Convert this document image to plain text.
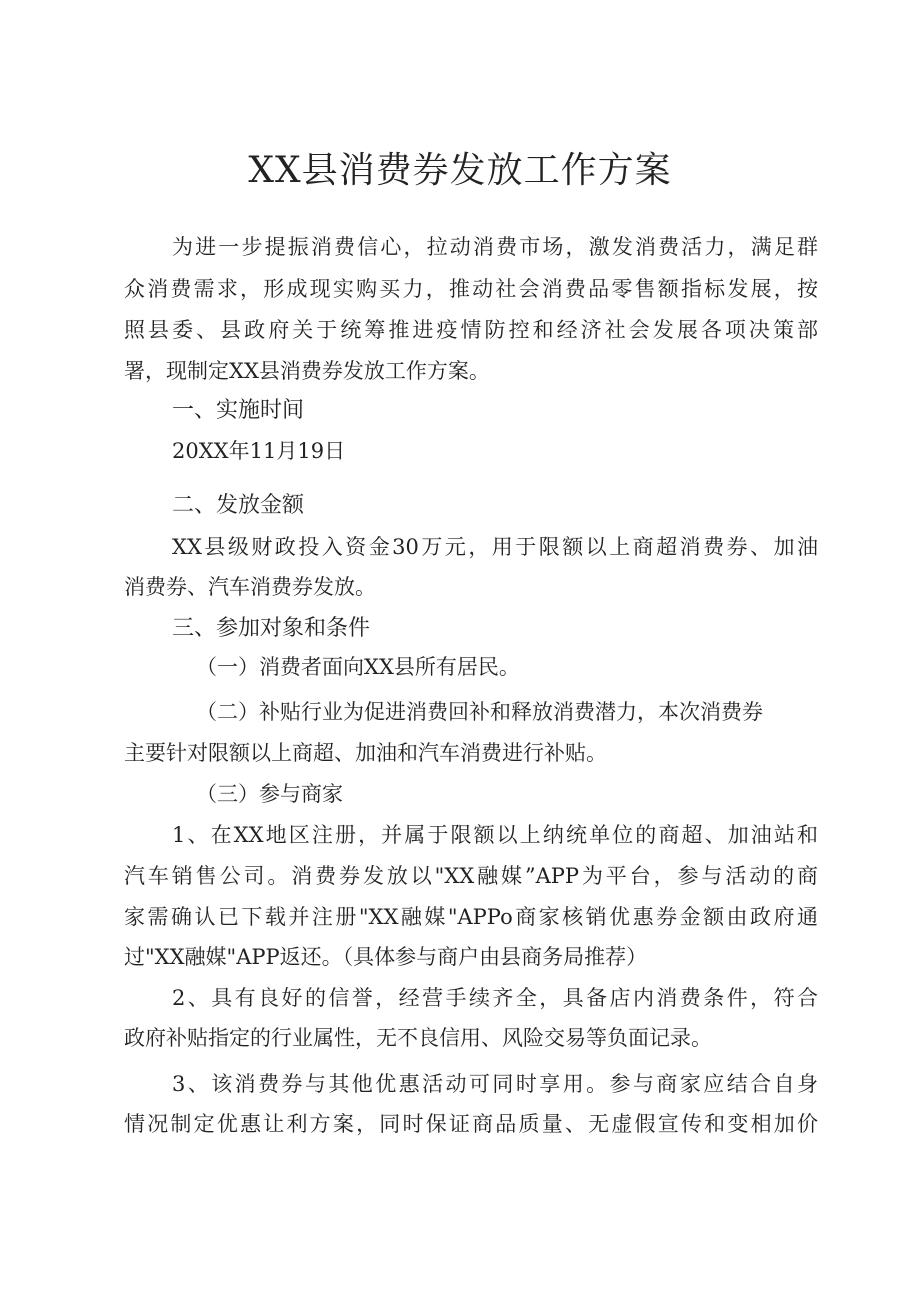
XX县消费券发放工作方案
为进一步提振消费信心，拉动消费市场，激发消费活力，满足群
众消费需求，形成现实购买力，推动社会消费品零售额指标发展，按
照县委、县政府关于统筹推进疫情防控和经济社会发展各项决策部
署，现制定XX县消费券发放工作方案。
一、实施时间
20XX年11月19日
二、发放金额
XX县级财政投入资金30万元，用于限额以上商超消费券、加油
消费券、汽车消费券发放。
三、参加对象和条件
（一）消费者面向XX县所有居民。
（二）补贴行业为促进消费回补和释放消费潜力，本次消费券
主要针对限额以上商超、加油和汽车消费进行补贴。
（三）参与商家
1、在XX地区注册，并属于限额以上纳统单位的商超、加油站和
汽车销售公司。消费券发放以"XX融媒”APP为平台，参与活动的商
家需确认已下载并注册"XX融媒"APPo商家核销优惠券金额由政府通
过"XX融媒"APP返还。（具体参与商户由县商务局推荐）
2、具有良好的信誉，经营手续齐全，具备店内消费条件，符合
政府补贴指定的行业属性，无不良信用、风险交易等负面记录。
3、该消费券与其他优惠活动可同时享用。参与商家应结合自身
情况制定优惠让利方案，同时保证商品质量、无虚假宣传和变相加价
